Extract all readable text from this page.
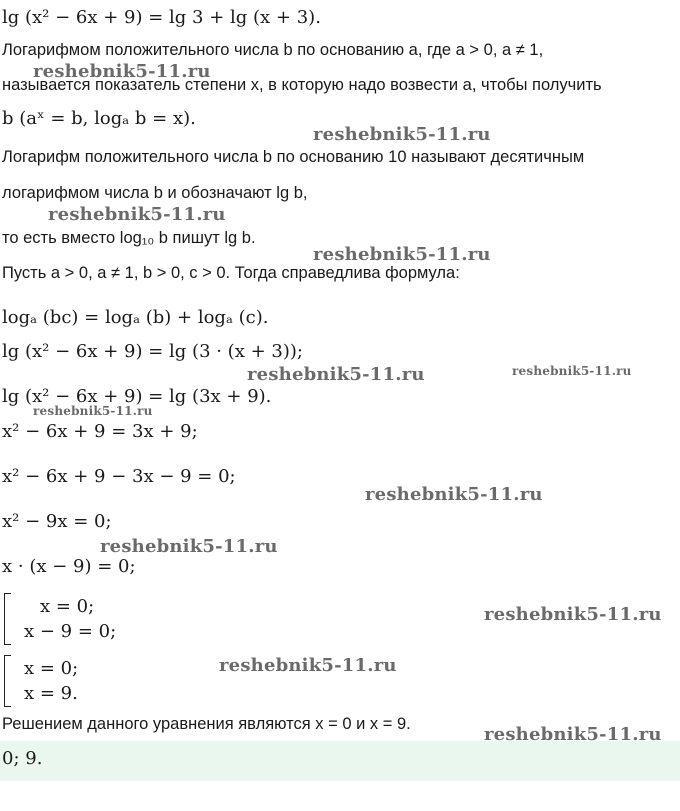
lg (x² − 6x + 9) = lg 3 + lg (x + 3).
Логарифмом положительного числа b по основанию a, где a > 0, a ≠ 1,
называется показатель степени x, в которую надо возвести a, чтобы получить
b (aˣ = b, logₐ b = x).
Логарифм положительного числа b по основанию 10 называют десятичным
логарифмом числа b и обозначают lg b,
то есть вместо log₁₀ b пишут lg b.
Пусть a > 0, a ≠ 1, b > 0, c > 0. Тогда справедлива формула:
logₐ (bc) = logₐ (b) + logₐ (c).
lg (x² − 6x + 9) = lg (3 · (x + 3));
lg (x² − 6x + 9) = lg (3x + 9).
x² − 6x + 9 = 3x + 9;
x² − 6x + 9 − 3x − 9 = 0;
x² − 9x = 0;
x · (x − 9) = 0;
x = 0;
x − 9 = 0;
x = 0;
x = 9.
Решением данного уравнения являются x = 0 и x = 9.
0; 9.
reshebnik5-11.ru
reshebnik5-11.ru
reshebnik5-11.ru
reshebnik5-11.ru
reshebnik5-11.ru	reshebnik5-11.ru
reshebnik5-11.ru
reshebnik5-11.ru
reshebnik5-11.ru
reshebnik5-11.ru
reshebnik5-11.ru
reshebnik5-11.ru
